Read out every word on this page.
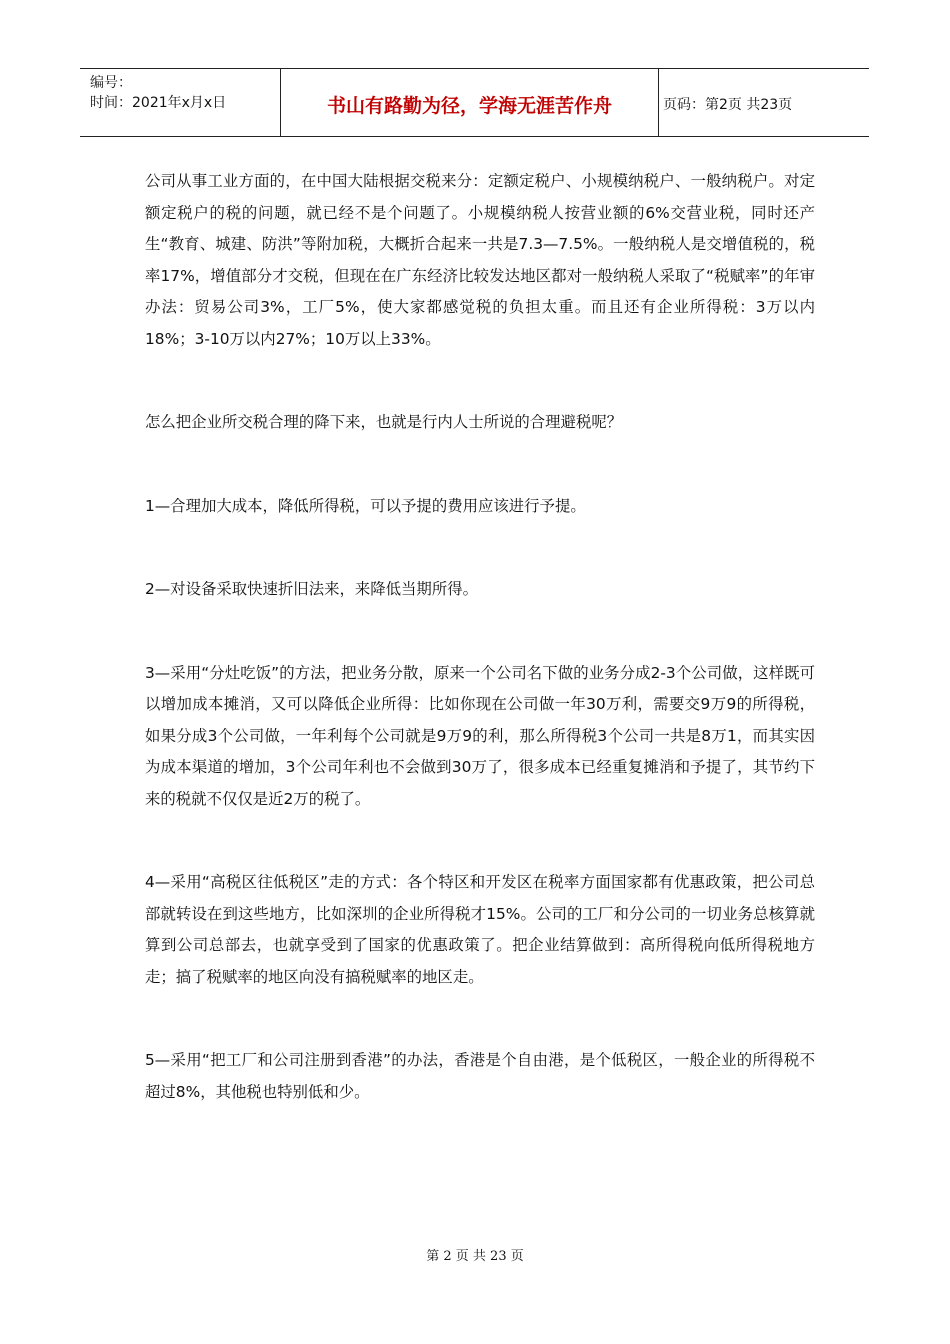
编号：
时间：2021年x月x日	书山有路勤为径，学海无涯苦作舟	页码：第2页 共23页

公司从事工业方面的，在中国大陆根据交税来分：定额定税户、小规模纳税户、一般纳税户。对定额定税户的税的问题，就已经不是个问题了。小规模纳税人按营业额的6%交营业税，同时还产生“教育、城建、防洪”等附加税，大概折合起来一共是7.3—7.5%。一般纳税人是交增值税的，税率17%，增值部分才交税，但现在在广东经济比较发达地区都对一般纳税人采取了“税赋率”的年审办法：贸易公司3%，工厂5%，使大家都感觉税的负担太重。而且还有企业所得税：3万以内18%；3-10万以内27%；10万以上33%。

怎么把企业所交税合理的降下来，也就是行内人士所说的合理避税呢？

1—合理加大成本，降低所得税，可以予提的费用应该进行予提。

2—对设备采取快速折旧法来，来降低当期所得。

3—采用“分灶吃饭”的方法，把业务分散，原来一个公司名下做的业务分成2-3个公司做，这样既可以增加成本摊消，又可以降低企业所得：比如你现在公司做一年30万利，需要交9万9的所得税，如果分成3个公司做，一年利每个公司就是9万9的利，那么所得税3个公司一共是8万1，而其实因为成本渠道的增加，3个公司年利也不会做到30万了，很多成本已经重复摊消和予提了，其节约下来的税就不仅仅是近2万的税了。

4—采用“高税区往低税区”走的方式：各个特区和开发区在税率方面国家都有优惠政策，把公司总部就转设在到这些地方，比如深圳的企业所得税才15%。公司的工厂和分公司的一切业务总核算就算到公司总部去，也就享受到了国家的优惠政策了。把企业结算做到：高所得税向低所得税地方走；搞了税赋率的地区向没有搞税赋率的地区走。

5—采用“把工厂和公司注册到香港”的办法，香港是个自由港，是个低税区，一般企业的所得税不超过8%，其他税也特别低和少。

第 2 页 共 23 页
